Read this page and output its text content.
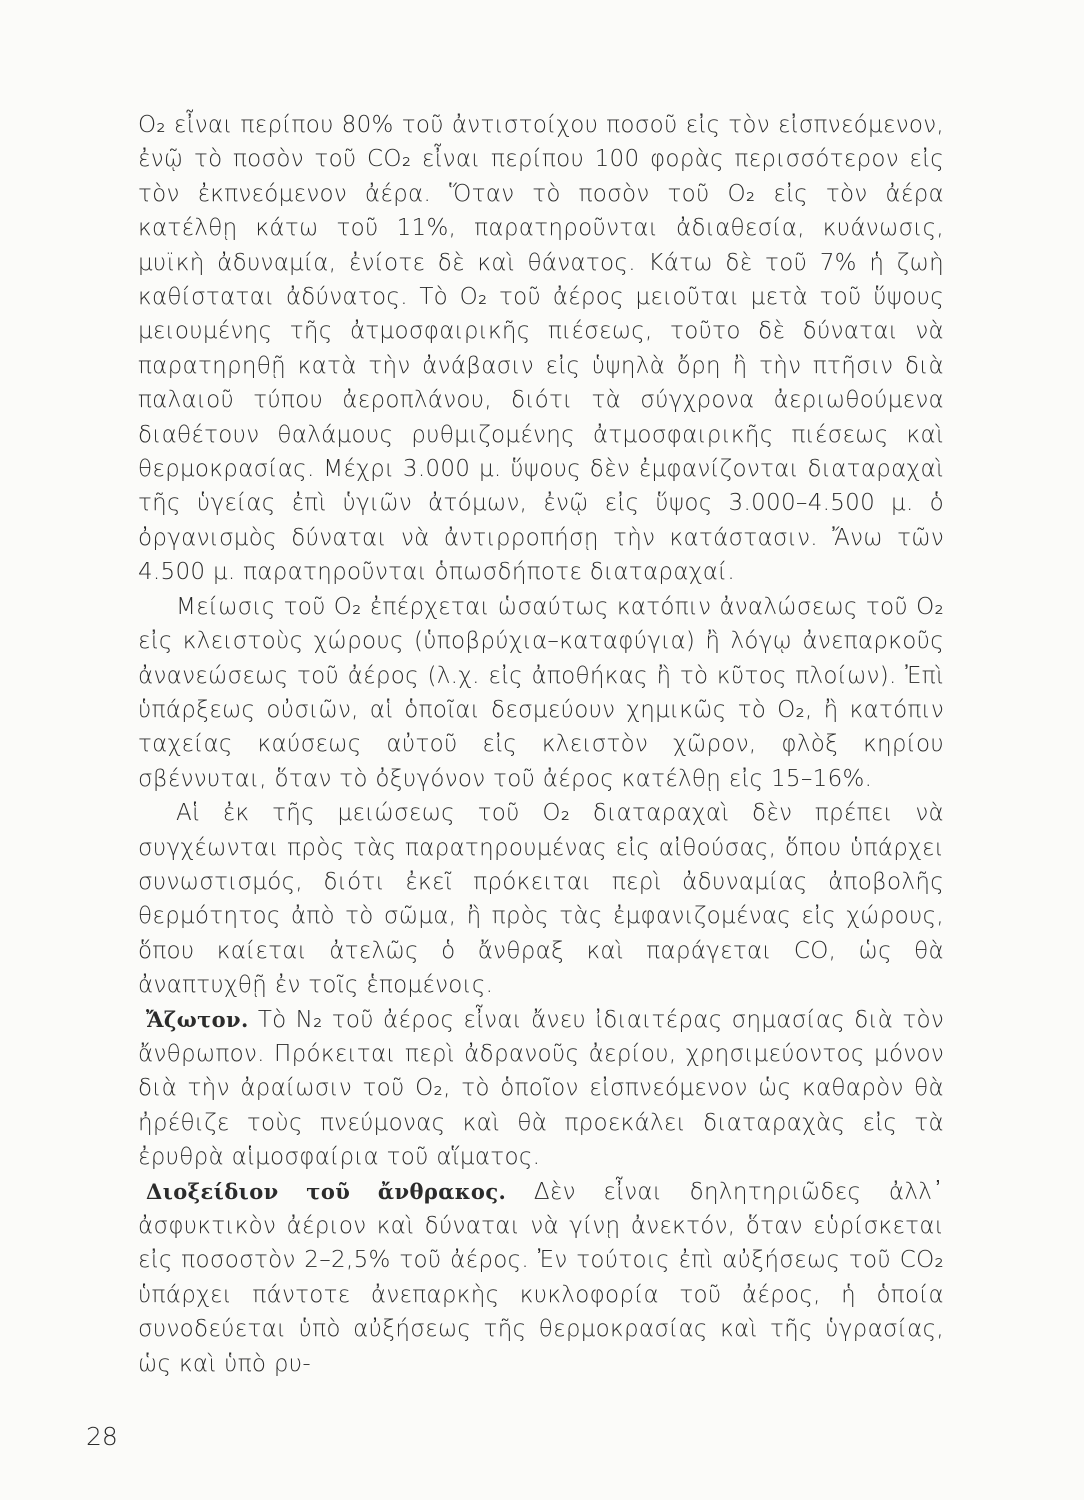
O₂ εἶναι περίπου 80% τοῦ ἀντιστοίχου ποσοῦ εἰς τὸν εἰσπνεόμενον, ἐνῷ τὸ ποσὸν τοῦ CO₂ εἶναι περίπου 100 φορὰς περισσότερον εἰς τὸν ἐκπνεόμενον ἀέρα. Ὅταν τὸ ποσὸν τοῦ O₂ εἰς τὸν ἀέρα κατέλθῃ κάτω τοῦ 11%, παρατηροῦνται ἀδιαθεσία, κυάνωσις, μυϊκὴ ἀδυναμία, ἐνίοτε δὲ καὶ θάνατος. Κάτω δὲ τοῦ 7% ἡ ζωὴ καθίσταται ἀδύνατος. Τὸ O₂ τοῦ ἀέρος μειοῦται μετὰ τοῦ ὕψους μειουμένης τῆς ἀτμοσφαιρικῆς πιέσεως, τοῦτο δὲ δύναται νὰ παρατηρηθῇ κατὰ τὴν ἀνάβασιν εἰς ὑψηλὰ ὄρη ἢ τὴν πτῆσιν διὰ παλαιοῦ τύπου ἀεροπλάνου, διότι τὰ σύγχρονα ἀεριωθούμενα διαθέτουν θαλάμους ρυθμιζομένης ἀτμοσφαιρικῆς πιέσεως καὶ θερμοκρασίας. Μέχρι 3.000 μ. ὕψους δὲν ἐμφανίζονται διαταραχαὶ τῆς ὑγείας ἐπὶ ὑγιῶν ἀτόμων, ἐνῷ εἰς ὕψος 3.000–4.500 μ. ὁ ὀργανισμὸς δύναται νὰ ἀντιρροπήσῃ τὴν κατάστασιν. Ἄνω τῶν 4.500 μ. παρατηροῦνται ὁπωσδήποτε διαταραχαί.

Μείωσις τοῦ O₂ ἐπέρχεται ὡσαύτως κατόπιν ἀναλώσεως τοῦ O₂ εἰς κλειστοὺς χώρους (ὑποβρύχια–καταφύγια) ἢ λόγῳ ἀνεπαρκοῦς ἀνανεώσεως τοῦ ἀέρος (λ.χ. εἰς ἀποθήκας ἢ τὸ κῦτος πλοίων). Ἐπὶ ὑπάρξεως οὐσιῶν, αἱ ὁποῖαι δεσμεύουν χημικῶς τὸ O₂, ἢ κατόπιν ταχείας καύσεως αὐτοῦ εἰς κλειστὸν χῶρον, φλὸξ κηρίου σβέννυται, ὅταν τὸ ὀξυγόνον τοῦ ἀέρος κατέλθῃ εἰς 15–16%.

Αἱ ἐκ τῆς μειώσεως τοῦ O₂ διαταραχαὶ δὲν πρέπει νὰ συγχέωνται πρὸς τὰς παρατηρουμένας εἰς αἰθούσας, ὅπου ὑπάρχει συνωστισμός, διότι ἐκεῖ πρόκειται περὶ ἀδυναμίας ἀποβολῆς θερμότητος ἀπὸ τὸ σῶμα, ἢ πρὸς τὰς ἐμφανιζομένας εἰς χώρους, ὅπου καίεται ἀτελῶς ὁ ἄνθραξ καὶ παράγεται CO, ὡς θὰ ἀναπτυχθῇ ἐν τοῖς ἑπομένοις.

Ἄζωτον. Τὸ N₂ τοῦ ἀέρος εἶναι ἄνευ ἰδιαιτέρας σημασίας διὰ τὸν ἄνθρωπον. Πρόκειται περὶ ἀδρανοῦς ἀερίου, χρησιμεύοντος μόνον διὰ τὴν ἀραίωσιν τοῦ O₂, τὸ ὁποῖον εἰσπνεόμενον ὡς καθαρὸν θὰ ἠρέθιζε τοὺς πνεύμονας καὶ θὰ προεκάλει διαταραχὰς εἰς τὰ ἐρυθρὰ αἱμοσφαίρια τοῦ αἵματος.

Διοξείδιον τοῦ ἄνθρακος. Δὲν εἶναι δηλητηριῶδες ἀλλ᾽ ἀσφυκτικὸν ἀέριον καὶ δύναται νὰ γίνῃ ἀνεκτόν, ὅταν εὑρίσκεται εἰς ποσοστὸν 2–2,5% τοῦ ἀέρος. Ἐν τούτοις ἐπὶ αὐξήσεως τοῦ CO₂ ὑπάρχει πάντοτε ἀνεπαρκὴς κυκλοφορία τοῦ ἀέρος, ἡ ὁποία συνοδεύεται ὑπὸ αὐξήσεως τῆς θερμοκρασίας καὶ τῆς ὑγρασίας, ὡς καὶ ὑπὸ ρυ-

28
